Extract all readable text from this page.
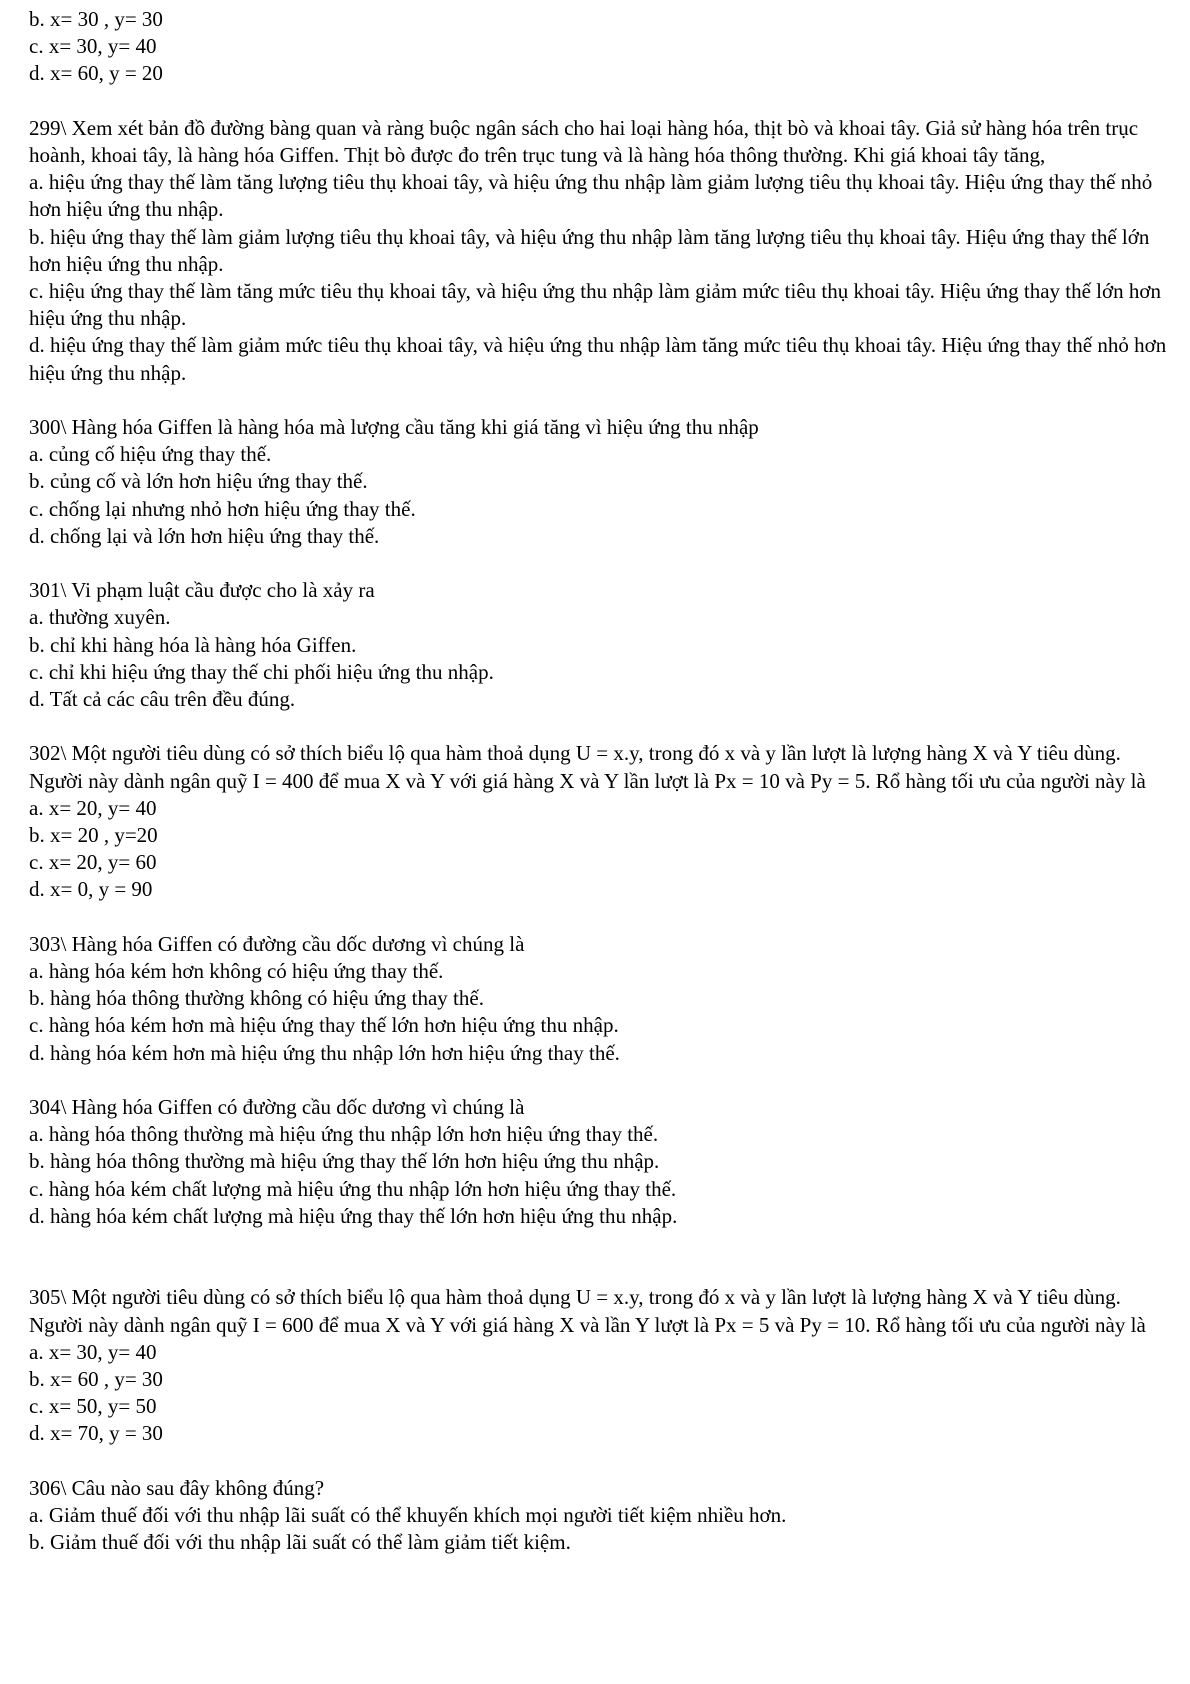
b. x= 30 , y= 30
c. x= 30, y= 40
d. x= 60, y = 20
299\ Xem xét bản đồ đường bàng quan và ràng buộc ngân sách cho hai loại hàng hóa, thịt bò và khoai tây. Giả sử hàng hóa trên trục hoành, khoai tây, là hàng hóa Giffen. Thịt bò được đo trên trục tung và là hàng hóa thông thường. Khi giá khoai tây tăng,
a. hiệu ứng thay thế làm tăng lượng tiêu thụ khoai tây, và hiệu ứng thu nhập làm giảm lượng tiêu thụ khoai tây. Hiệu ứng thay thế nhỏ hơn hiệu ứng thu nhập.
b. hiệu ứng thay thế làm giảm lượng tiêu thụ khoai tây, và hiệu ứng thu nhập làm tăng lượng tiêu thụ khoai tây. Hiệu ứng thay thế lớn hơn hiệu ứng thu nhập.
c. hiệu ứng thay thế làm tăng mức tiêu thụ khoai tây, và hiệu ứng thu nhập làm giảm mức tiêu thụ khoai tây. Hiệu ứng thay thế lớn hơn hiệu ứng thu nhập.
d. hiệu ứng thay thế làm giảm mức tiêu thụ khoai tây, và hiệu ứng thu nhập làm tăng mức tiêu thụ khoai tây. Hiệu ứng thay thế nhỏ hơn hiệu ứng thu nhập.
300\ Hàng hóa Giffen là hàng hóa mà lượng cầu tăng khi giá tăng vì hiệu ứng thu nhập
a. củng cố hiệu ứng thay thế.
b. củng cố và lớn hơn hiệu ứng thay thế.
c. chống lại nhưng nhỏ hơn hiệu ứng thay thế.
d. chống lại và lớn hơn hiệu ứng thay thế.
301\ Vi phạm luật cầu được cho là xảy ra
a. thường xuyên.
b. chỉ khi hàng hóa là hàng hóa Giffen.
c. chỉ khi hiệu ứng thay thế chi phối hiệu ứng thu nhập.
d. Tất cả các câu trên đều đúng.
302\ Một người tiêu dùng có sở thích biểu lộ qua hàm thoả dụng U = x.y, trong đó x và y lần lượt là lượng hàng X và Y tiêu dùng. Người này dành ngân quỹ I = 400 để mua X và Y với giá hàng X và Y lần lượt là Px = 10 và Py = 5. Rổ hàng tối ưu của người này là
a. x= 20, y= 40
b. x= 20 , y=20
c. x= 20, y= 60
d. x= 0, y = 90
303\ Hàng hóa Giffen có đường cầu dốc dương vì chúng là
a. hàng hóa kém hơn không có hiệu ứng thay thế.
b. hàng hóa thông thường không có hiệu ứng thay thế.
c. hàng hóa kém hơn mà hiệu ứng thay thế lớn hơn hiệu ứng thu nhập.
d. hàng hóa kém hơn mà hiệu ứng thu nhập lớn hơn hiệu ứng thay thế.
304\ Hàng hóa Giffen có đường cầu dốc dương vì chúng là
a. hàng hóa thông thường mà hiệu ứng thu nhập lớn hơn hiệu ứng thay thế.
b. hàng hóa thông thường mà hiệu ứng thay thế lớn hơn hiệu ứng thu nhập.
c. hàng hóa kém chất lượng mà hiệu ứng thu nhập lớn hơn hiệu ứng thay thế.
d. hàng hóa kém chất lượng mà hiệu ứng thay thế lớn hơn hiệu ứng thu nhập.
305\ Một người tiêu dùng có sở thích biểu lộ qua hàm thoả dụng U = x.y, trong đó x và y lần lượt là lượng hàng X và Y tiêu dùng. Người này dành ngân quỹ I = 600 để mua X và Y với giá hàng X và lần Y lượt là Px = 5 và Py = 10. Rổ hàng tối ưu của người này là
a. x= 30, y= 40
b. x= 60 , y= 30
c. x= 50, y= 50
d. x= 70, y = 30
306\ Câu nào sau đây không đúng?
a. Giảm thuế đối với thu nhập lãi suất có thể khuyến khích mọi người tiết kiệm nhiều hơn.
b. Giảm thuế đối với thu nhập lãi suất có thể làm giảm tiết kiệm.
